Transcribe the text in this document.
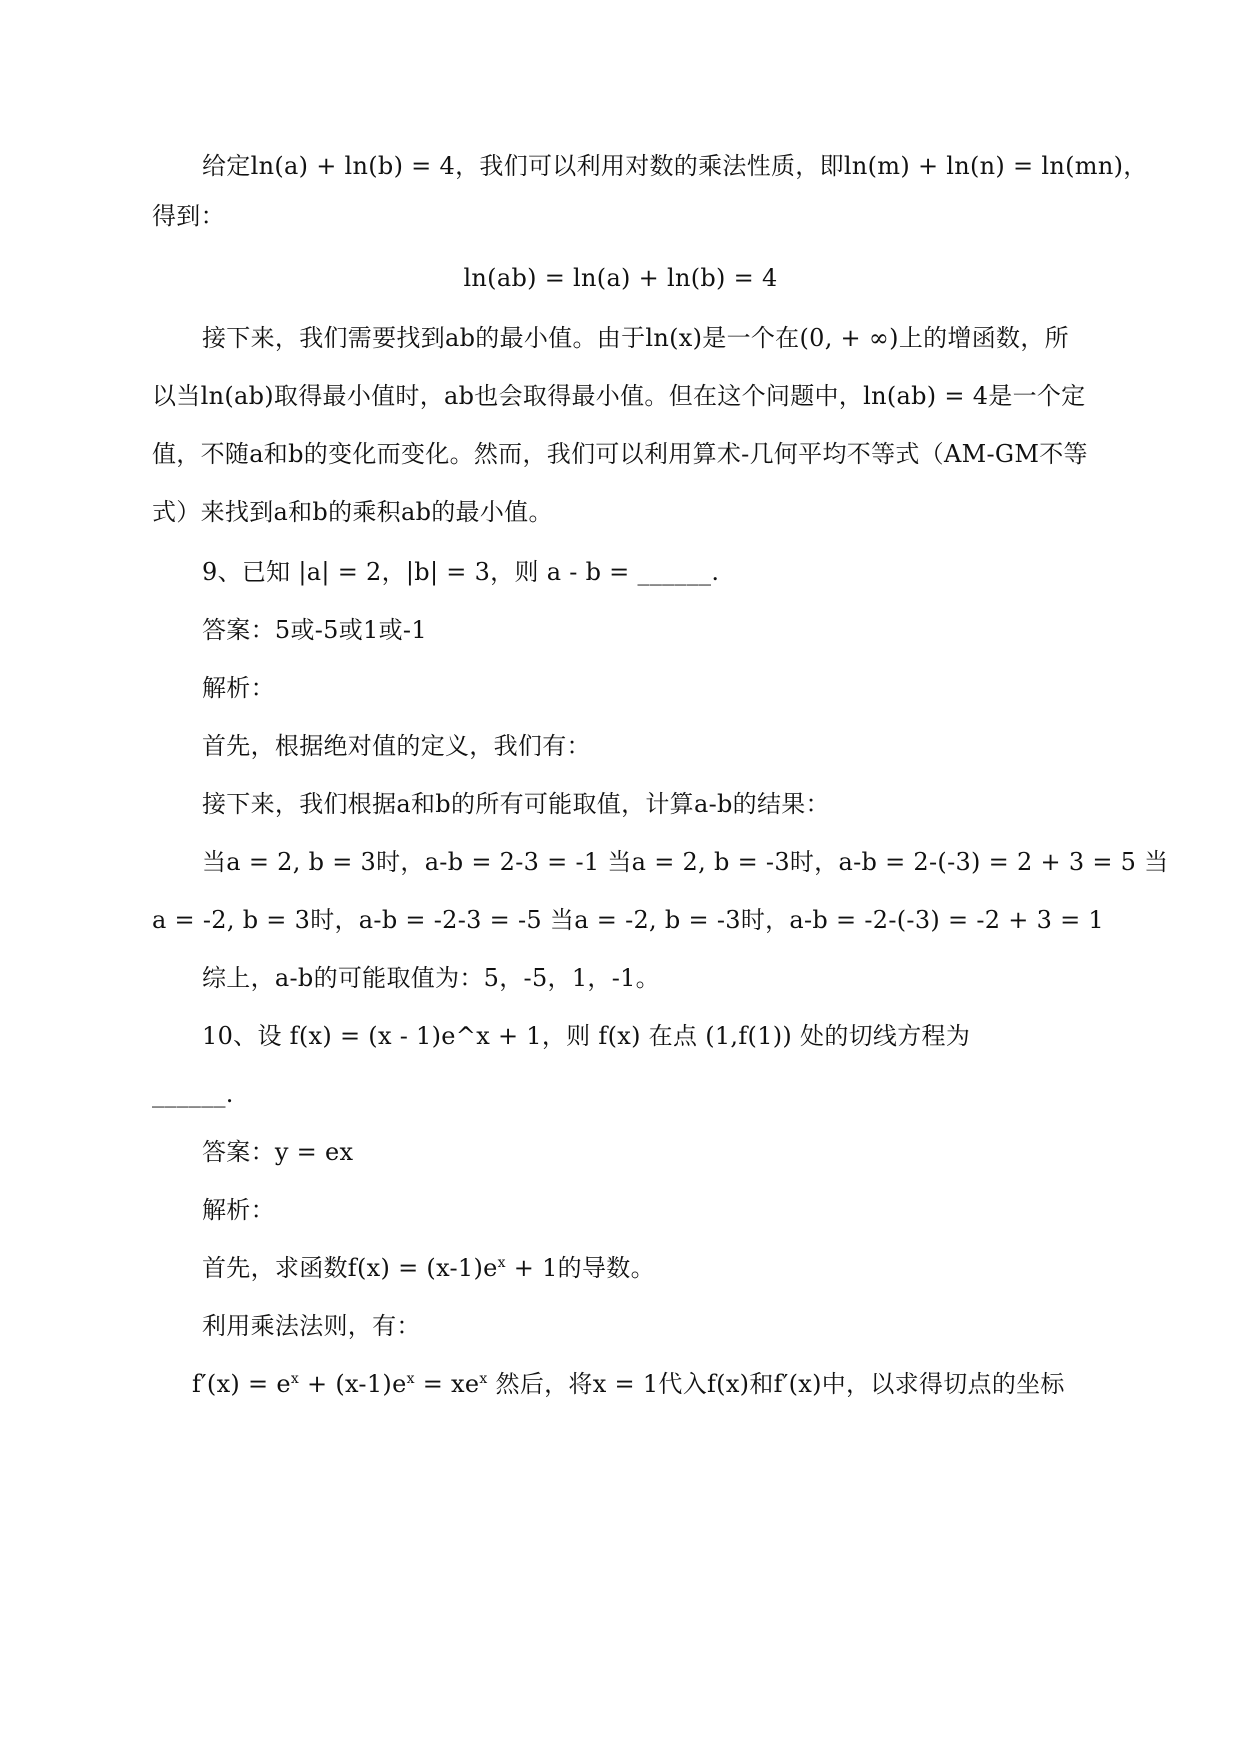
给定ln(a) + ln(b) = 4，我们可以利用对数的乘法性质，即ln(m) + ln(n) = ln(mn)，
得到：
ln(ab) = ln(a) + ln(b) = 4
接下来，我们需要找到ab的最小值。由于ln(x)是一个在(0, + ∞)上的增函数，所
以当ln(ab)取得最小值时，ab也会取得最小值。但在这个问题中，ln(ab) = 4是一个定
值，不随a和b的变化而变化。然而，我们可以利用算术-几何平均不等式（AM-GM不等
式）来找到a和b的乘积ab的最小值。
9、已知 |a| = 2，|b| = 3，则 a - b = ______.
答案：5或-5或1或-1
解析：
首先，根据绝对值的定义，我们有：
接下来，我们根据a和b的所有可能取值，计算a-b的结果：
当a = 2, b = 3时，a-b = 2-3 = -1 当a = 2, b = -3时，a-b = 2-(-3) = 2 + 3 = 5 当
a = -2, b = 3时，a-b = -2-3 = -5 当a = -2, b = -3时，a-b = -2-(-3) = -2 + 3 = 1
综上，a-b的可能取值为：5，-5，1，-1。
10、设 f(x) = (x - 1)e^x + 1，则 f(x) 在点 (1,f(1)) 处的切线方程为
______.
答案：y = ex
解析：
首先，求函数$f(x) = (x-1)e^x + 1$的导数。
利用乘法法则，有：
$f'(x) = e^x + (x-1)e^x = xe^x$ 然后，将x = 1代入f(x)和f′(x)中，以求得切点的坐标
